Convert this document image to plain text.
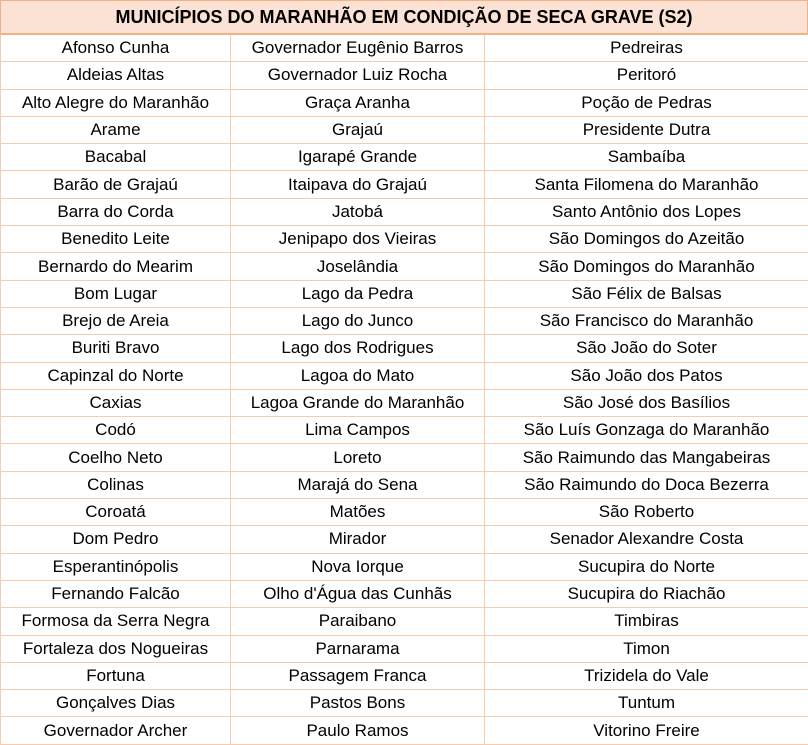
MUNICÍPIOS DO MARANHÃO EM CONDIÇÃO DE SECA GRAVE (S2)
Afonso Cunha	Governador Eugênio Barros	Pedreiras
Aldeias Altas	Governador Luiz Rocha	Peritoró
Alto Alegre do Maranhão	Graça Aranha	Poção de Pedras
Arame	Grajaú	Presidente Dutra
Bacabal	Igarapé Grande	Sambaíba
Barão de Grajaú	Itaipava do Grajaú	Santa Filomena do Maranhão
Barra do Corda	Jatobá	Santo Antônio dos Lopes
Benedito Leite	Jenipapo dos Vieiras	São Domingos do Azeitão
Bernardo do Mearim	Joselândia	São Domingos do Maranhão
Bom Lugar	Lago da Pedra	São Félix de Balsas
Brejo de Areia	Lago do Junco	São Francisco do Maranhão
Buriti Bravo	Lago dos Rodrigues	São João do Soter
Capinzal do Norte	Lagoa do Mato	São João dos Patos
Caxias	Lagoa Grande do Maranhão	São José dos Basílios
Codó	Lima Campos	São Luís Gonzaga do Maranhão
Coelho Neto	Loreto	São Raimundo das Mangabeiras
Colinas	Marajá do Sena	São Raimundo do Doca Bezerra
Coroatá	Matões	São Roberto
Dom Pedro	Mirador	Senador Alexandre Costa
Esperantinópolis	Nova Iorque	Sucupira do Norte
Fernando Falcão	Olho d'Água das Cunhãs	Sucupira do Riachão
Formosa da Serra Negra	Paraibano	Timbiras
Fortaleza dos Nogueiras	Parnarama	Timon
Fortuna	Passagem Franca	Trizidela do Vale
Gonçalves Dias	Pastos Bons	Tuntum
Governador Archer	Paulo Ramos	Vitorino Freire
